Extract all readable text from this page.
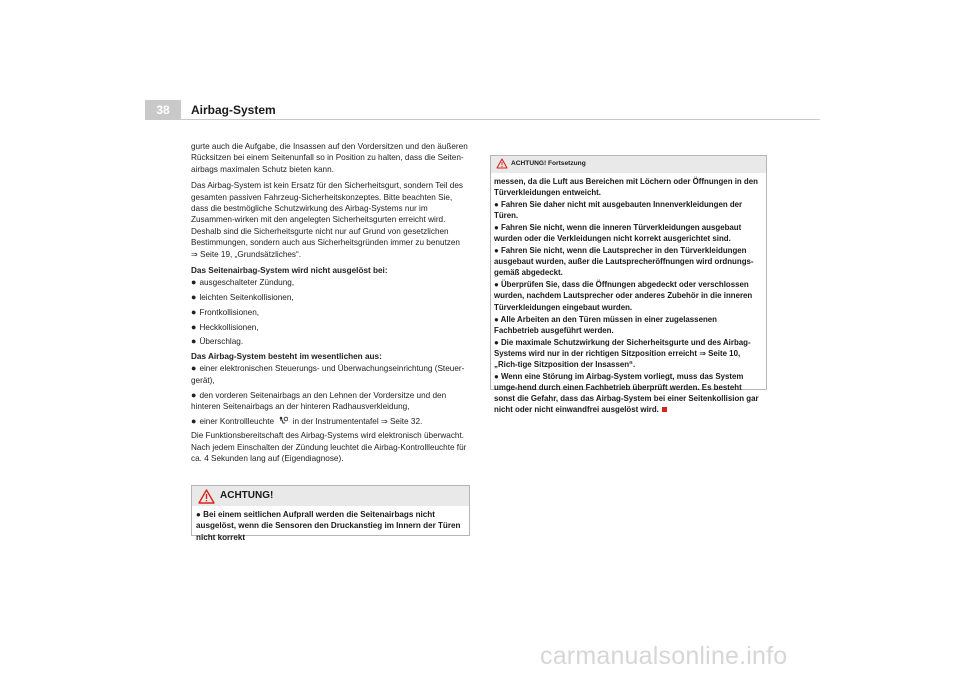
38	Airbag-System

gurte auch die Aufgabe, die Insassen auf den Vordersitzen und den äußeren Rücksitzen bei einem Seitenunfall so in Position zu halten, dass die Seiten-airbags maximalen Schutz bieten kann.

Das Airbag-System ist kein Ersatz für den Sicherheitsgurt, sondern Teil des gesamten passiven Fahrzeug-Sicherheitskonzeptes. Bitte beachten Sie, dass die bestmögliche Schutzwirkung des Airbag-Systems nur im Zusammen-wirken mit den angelegten Sicherheitsgurten erreicht wird. Deshalb sind die Sicherheitsgurte nicht nur auf Grund von gesetzlichen Bestimmungen, sondern auch aus Sicherheitsgründen immer zu benutzen ⇒ Seite 19, „Grundsätzliches“.

Das Seitenairbag-System wird nicht ausgelöst bei:
● ausgeschalteter Zündung,
● leichten Seitenkollisionen,
● Frontkollisionen,
● Heckkollisionen,
● Überschlag.
Das Airbag-System besteht im wesentlichen aus:
● einer elektronischen Steuerungs- und Überwachungseinrichtung (Steuer-gerät),
● den vorderen Seitenairbags an den Lehnen der Vordersitze und den hinteren Seitenairbags an der hinteren Radhausverkleidung,
● einer Kontrollleuchte in der Instrumententafel ⇒ Seite 32.

Die Funktionsbereitschaft des Airbag-Systems wird elektronisch überwacht. Nach jedem Einschalten der Zündung leuchtet die Airbag-Kontrollleuchte für ca. 4 Sekunden lang auf (Eigendiagnose).

ACHTUNG!
● Bei einem seitlichen Aufprall werden die Seitenairbags nicht ausgelöst, wenn die Sensoren den Druckanstieg im Innern der Türen nicht korrekt
ACHTUNG! Fortsetzung

messen, da die Luft aus Bereichen mit Löchern oder Öffnungen in den Türverkleidungen entweicht.

● Fahren Sie daher nicht mit ausgebauten Innenverkleidungen der Türen.

● Fahren Sie nicht, wenn die inneren Türverkleidungen ausgebaut wurden oder die Verkleidungen nicht korrekt ausgerichtet sind.

● Fahren Sie nicht, wenn die Lautsprecher in den Türverkleidungen ausgebaut wurden, außer die Lautsprecheröffnungen wird ordnungs-gemäß abgedeckt.

● Überprüfen Sie, dass die Öffnungen abgedeckt oder verschlossen wurden, nachdem Lautsprecher oder anderes Zubehör in die inneren Türverkleidungen eingebaut wurden.

● Alle Arbeiten an den Türen müssen in einer zugelassenen Fachbetrieb ausgeführt werden.

● Die maximale Schutzwirkung der Sicherheitsgurte und des Airbag-Systems wird nur in der richtigen Sitzposition erreicht ⇒ Seite 10, „Rich-tige Sitzposition der Insassen“.

● Wenn eine Störung im Airbag-System vorliegt, muss das System umge-hend durch einen Fachbetrieb überprüft werden. Es besteht sonst die Gefahr, dass das Airbag-System bei einer Seitenkollision gar nicht oder nicht einwandfrei ausgelöst wird.

carmanualsonline.info
